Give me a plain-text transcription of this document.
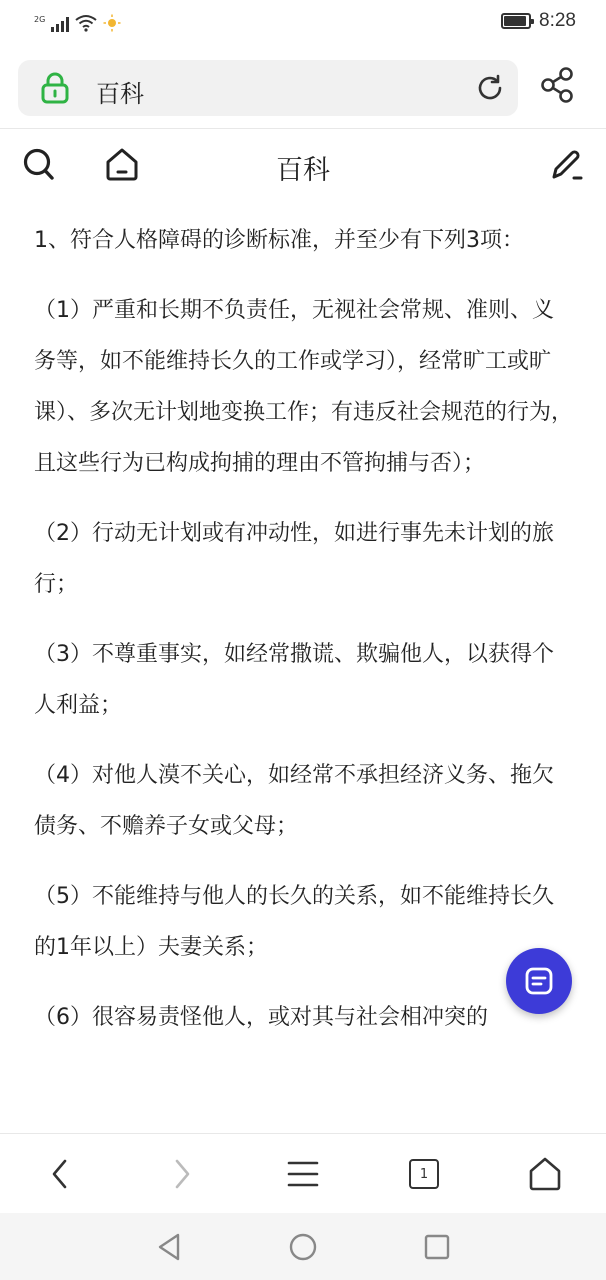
2G	8:28
百科
百科

1、符合人格障碍的诊断标准，并至少有下列3项：

（1）严重和长期不负责任，无视社会常规、准则、义务等，如不能维持长久的工作或学习），经常旷工或旷课）、多次无计划地变换工作；有违反社会规范的行为，且这些行为已构成拘捕的理由不管拘捕与否）；

（2）行动无计划或有冲动性，如进行事先未计划的旅行；

（3）不尊重事实，如经常撒谎、欺骗他人，以获得个人利益；

（4）对他人漠不关心，如经常不承担经济义务、拖欠债务、不赡养子女或父母；

（5）不能维持与他人的长久的关系，如不能维持长久的1年以上）夫妻关系；

（6）很容易责怪他人，或对其与社会相冲突的

1
